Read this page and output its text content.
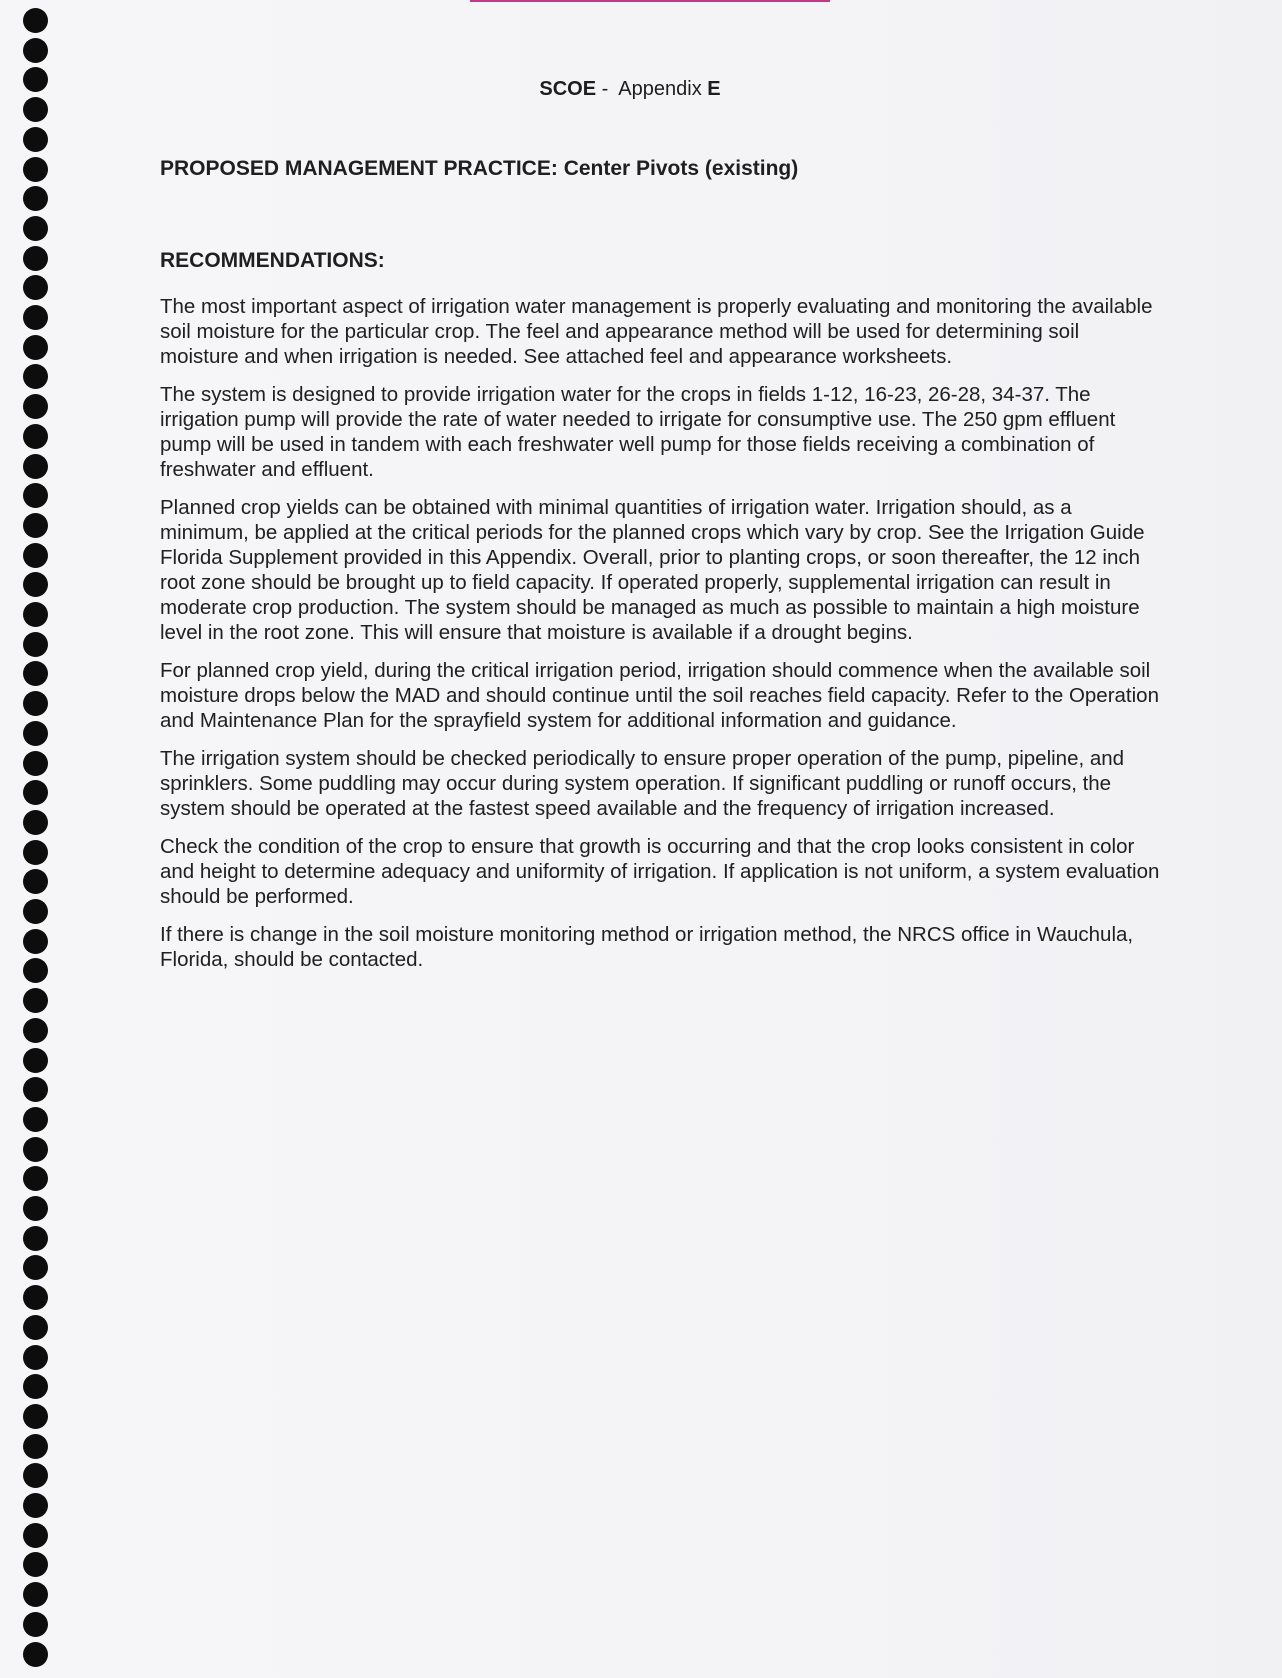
SCOE -  Appendix E
PROPOSED MANAGEMENT PRACTICE: Center Pivots (existing)
RECOMMENDATIONS:

The most important aspect of irrigation water management is properly evaluating and monitoring the available soil moisture for the particular crop. The feel and appearance method will be used for determining soil moisture and when irrigation is needed. See attached feel and appearance worksheets.

The system is designed to provide irrigation water for the crops in fields 1-12, 16-23, 26-28, 34-37. The irrigation pump will provide the rate of water needed to irrigate for consumptive use. The 250 gpm effluent pump will be used in tandem with each freshwater well pump for those fields receiving a combination of freshwater and effluent.

Planned crop yields can be obtained with minimal quantities of irrigation water. Irrigation should, as a minimum, be applied at the critical periods for the planned crops which vary by crop. See the Irrigation Guide Florida Supplement provided in this Appendix. Overall, prior to planting crops, or soon thereafter, the 12 inch root zone should be brought up to field capacity. If operated properly, supplemental irrigation can result in moderate crop production. The system should be managed as much as possible to maintain a high moisture level in the root zone. This will ensure that moisture is available if a drought begins.

For planned crop yield, during the critical irrigation period, irrigation should commence when the available soil moisture drops below the MAD and should continue until the soil reaches field capacity. Refer to the Operation and Maintenance Plan for the sprayfield system for additional information and guidance.

The irrigation system should be checked periodically to ensure proper operation of the pump, pipeline, and sprinklers. Some puddling may occur during system operation. If significant puddling or runoff occurs, the system should be operated at the fastest speed available and the frequency of irrigation increased.

Check the condition of the crop to ensure that growth is occurring and that the crop looks consistent in color and height to determine adequacy and uniformity of irrigation. If application is not uniform, a system evaluation should be performed.

If there is change in the soil moisture monitoring method or irrigation method, the NRCS office in Wauchula, Florida, should be contacted.
